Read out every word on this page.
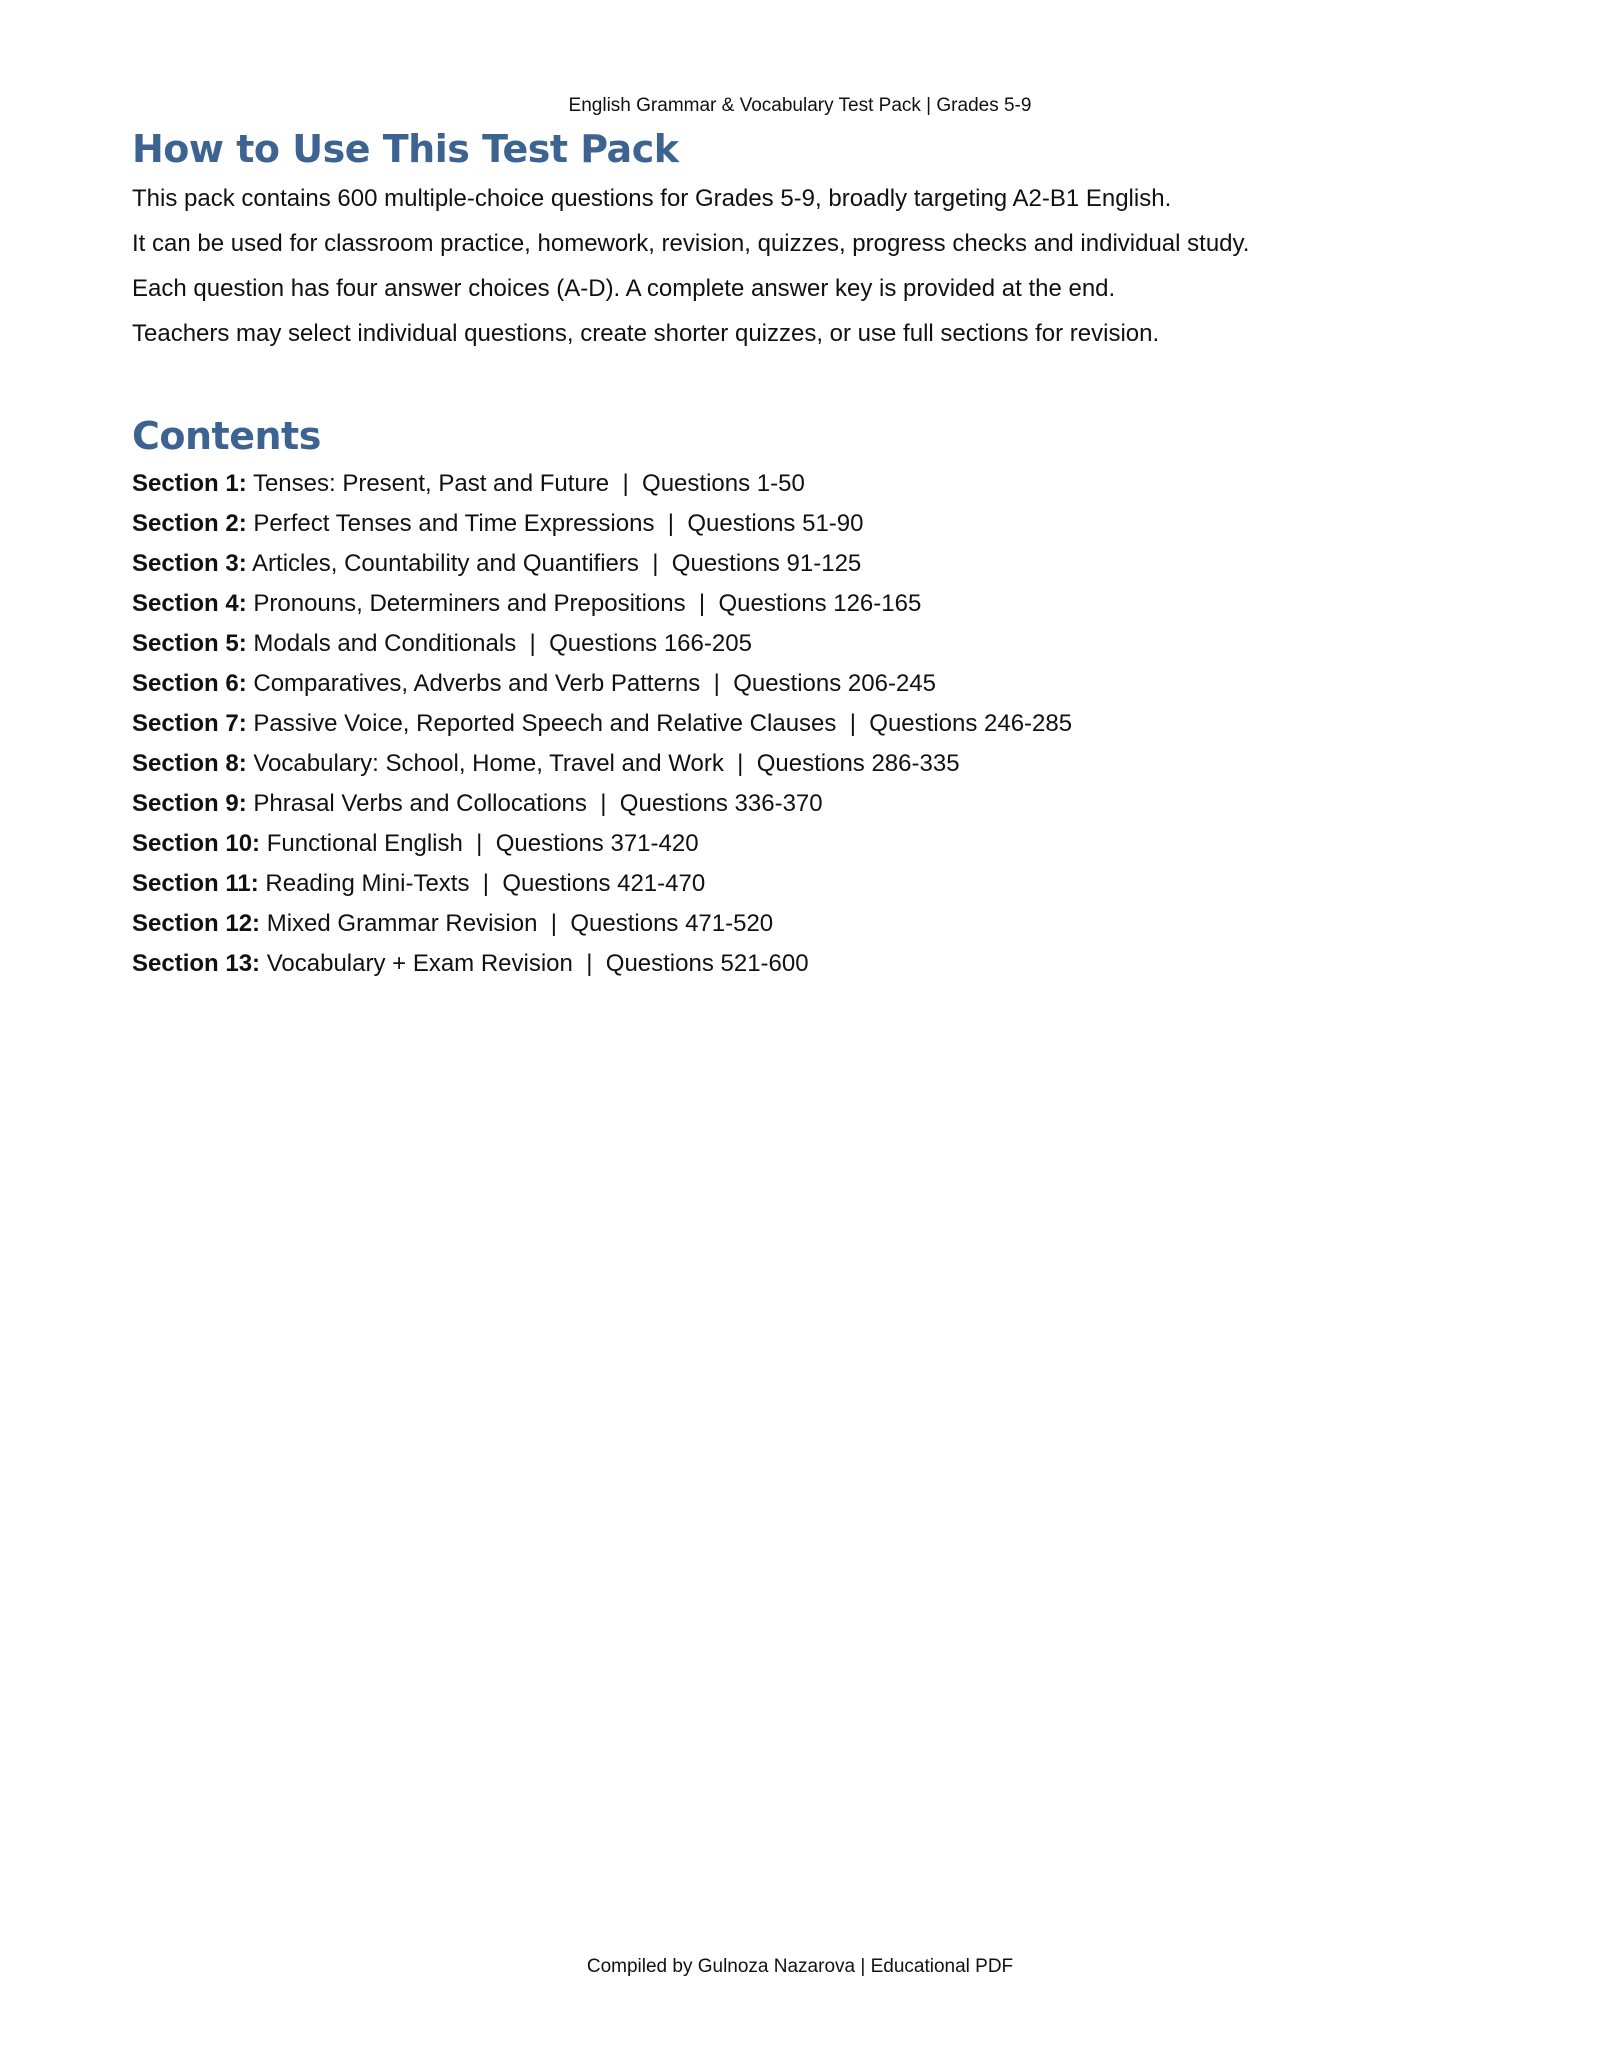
English Grammar & Vocabulary Test Pack | Grades 5-9
How to Use This Test Pack

This pack contains 600 multiple-choice questions for Grades 5-9, broadly targeting A2-B1 English.

It can be used for classroom practice, homework, revision, quizzes, progress checks and individual study.

Each question has four answer choices (A-D). A complete answer key is provided at the end.

Teachers may select individual questions, create shorter quizzes, or use full sections for revision.

Contents
Section 1: Tenses: Present, Past and Future  |  Questions 1-50
Section 2: Perfect Tenses and Time Expressions  |  Questions 51-90
Section 3: Articles, Countability and Quantifiers  |  Questions 91-125
Section 4: Pronouns, Determiners and Prepositions  |  Questions 126-165
Section 5: Modals and Conditionals  |  Questions 166-205
Section 6: Comparatives, Adverbs and Verb Patterns  |  Questions 206-245
Section 7: Passive Voice, Reported Speech and Relative Clauses  |  Questions 246-285
Section 8: Vocabulary: School, Home, Travel and Work  |  Questions 286-335
Section 9: Phrasal Verbs and Collocations  |  Questions 336-370
Section 10: Functional English  |  Questions 371-420
Section 11: Reading Mini-Texts  |  Questions 421-470
Section 12: Mixed Grammar Revision  |  Questions 471-520
Section 13: Vocabulary + Exam Revision  |  Questions 521-600
Compiled by Gulnoza Nazarova | Educational PDF
